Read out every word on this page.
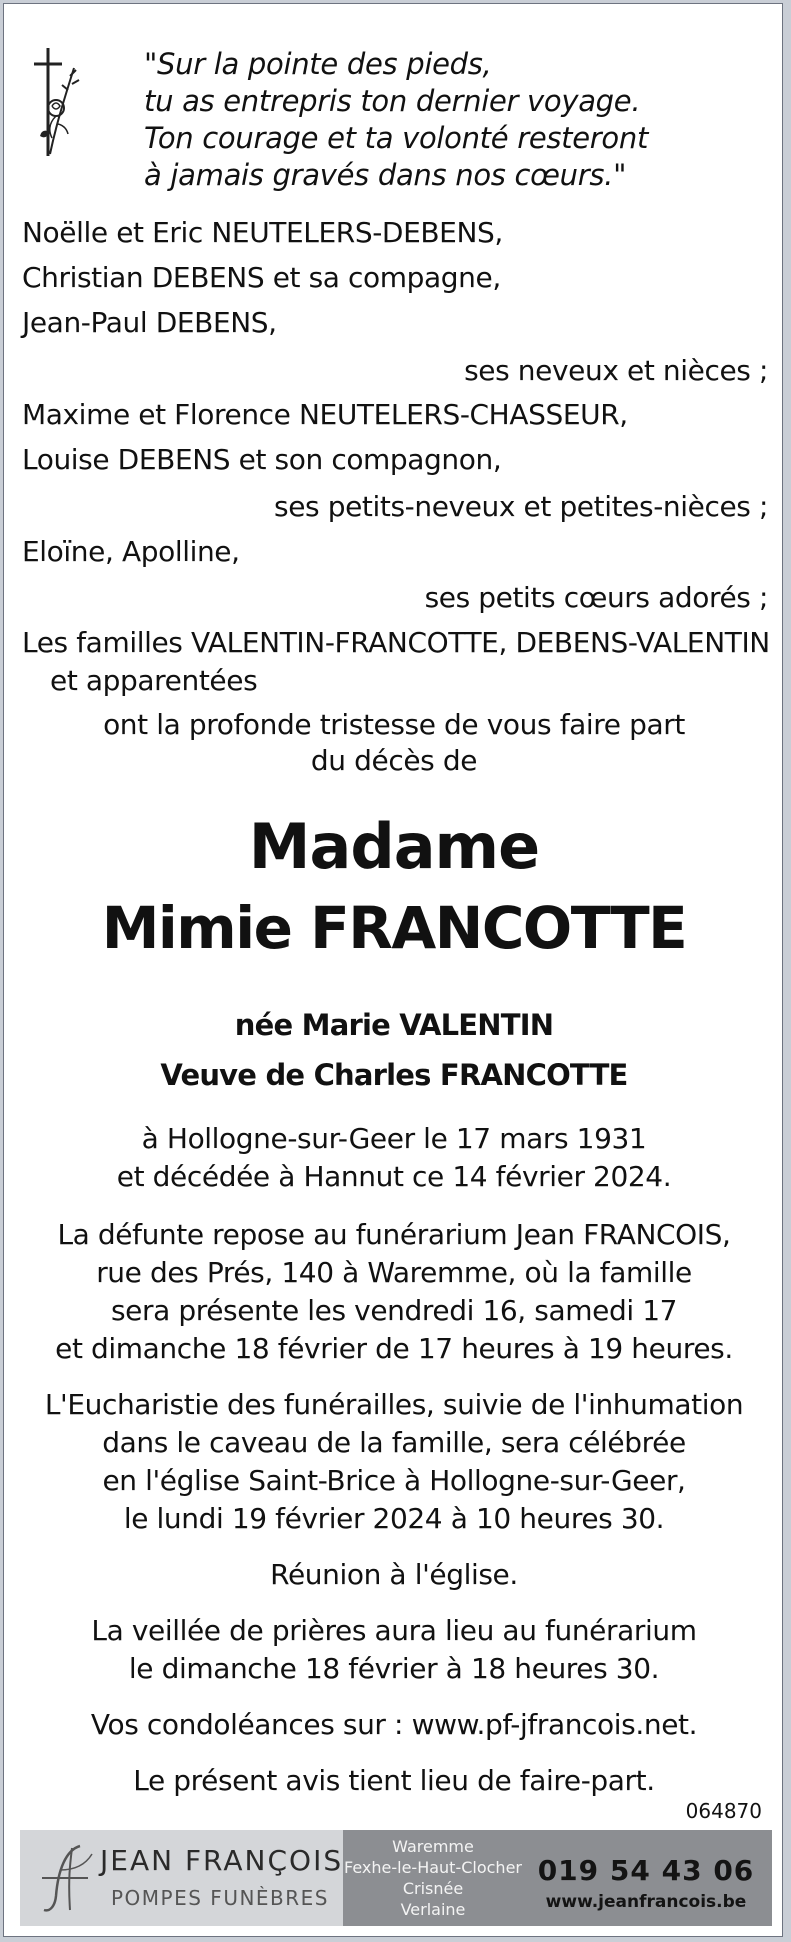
"Sur la pointe des pieds,
tu as entrepris ton dernier voyage.
Ton courage et ta volonté resteront
à jamais gravés dans nos cœurs."
Noëlle et Eric NEUTELERS-DEBENS,
Christian DEBENS et sa compagne,
Jean-Paul DEBENS,
ses neveux et nièces ;
Maxime et Florence NEUTELERS-CHASSEUR,
Louise DEBENS et son compagnon,
ses petits-neveux et petites-nièces ;
Eloïne, Apolline,
ses petits cœurs adorés ;
Les familles VALENTIN-FRANCOTTE, DEBENS-VALENTIN
et apparentées
ont la profonde tristesse de vous faire part
du décès de
Madame
Mimie FRANCOTTE
née Marie VALENTIN
Veuve de Charles FRANCOTTE
à Hollogne-sur-Geer le 17 mars 1931
et décédée à Hannut ce 14 février 2024.
La défunte repose au funérarium Jean FRANCOIS,
rue des Prés, 140 à Waremme, où la famille
sera présente les vendredi 16, samedi 17
et dimanche 18 février de 17 heures à 19 heures.
L'Eucharistie des funérailles, suivie de l'inhumation
dans le caveau de la famille, sera célébrée
en l'église Saint-Brice à Hollogne-sur-Geer,
le lundi 19 février 2024 à 10 heures 30.
Réunion à l'église.
La veillée de prières aura lieu au funérarium
le dimanche 18 février à 18 heures 30.
Vos condoléances sur : www.pf-jfrancois.net.
Le présent avis tient lieu de faire-part.
064870
JEAN FRANÇOIS
POMPES FUNÈBRES
Waremme
Fexhe-le-Haut-Clocher
Crisnée
Verlaine
019 54 43 06
www.jeanfrancois.be
